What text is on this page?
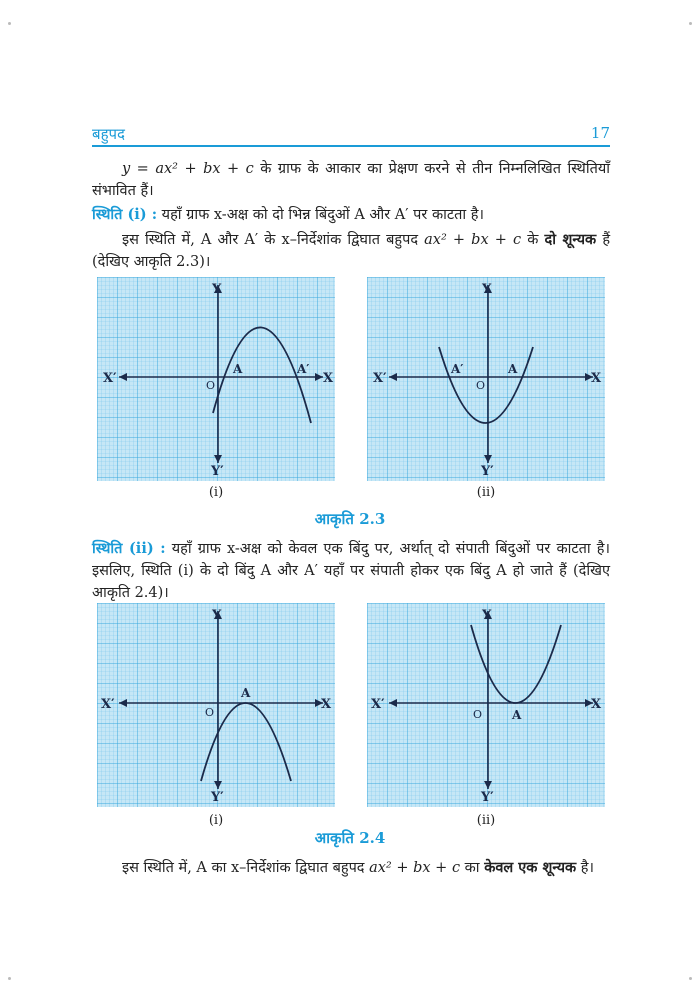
बहुपद	17
y = ax² + bx + c के ग्राफ के आकार का प्रेक्षण करने से तीन निम्नलिखित स्थितियाँ संभावित हैं।
स्थिति (i) : यहाँ ग्राफ x-अक्ष को दो भिन्न बिंदुओं A और A′ पर काटता है।
इस स्थिति में, A और A′ के x–निर्देशांक द्विघात बहुपद ax² + bx + c के दो शून्यक हैं (देखिए आकृति 2.3)।
Y
Y′
X′	X
O
A	A′
(i)
Y
Y′
X′	X
O
A′	A
(ii)
आकृति 2.3
स्थिति (ii) : यहाँ ग्राफ x-अक्ष को केवल एक बिंदु पर, अर्थात् दो संपाती बिंदुओं पर काटता है। इसलिए, स्थिति (i) के दो बिंदु A और A′ यहाँ पर संपाती होकर एक बिंदु A हो जाते हैं (देखिए आकृति 2.4)।
Y
Y′
X′	X
O
A
(i)
Y
Y′
X′	X
O A
(ii)
आकृति 2.4
इस स्थिति में, A का x–निर्देशांक द्विघात बहुपद ax² + bx + c का केवल एक शून्यक है।
